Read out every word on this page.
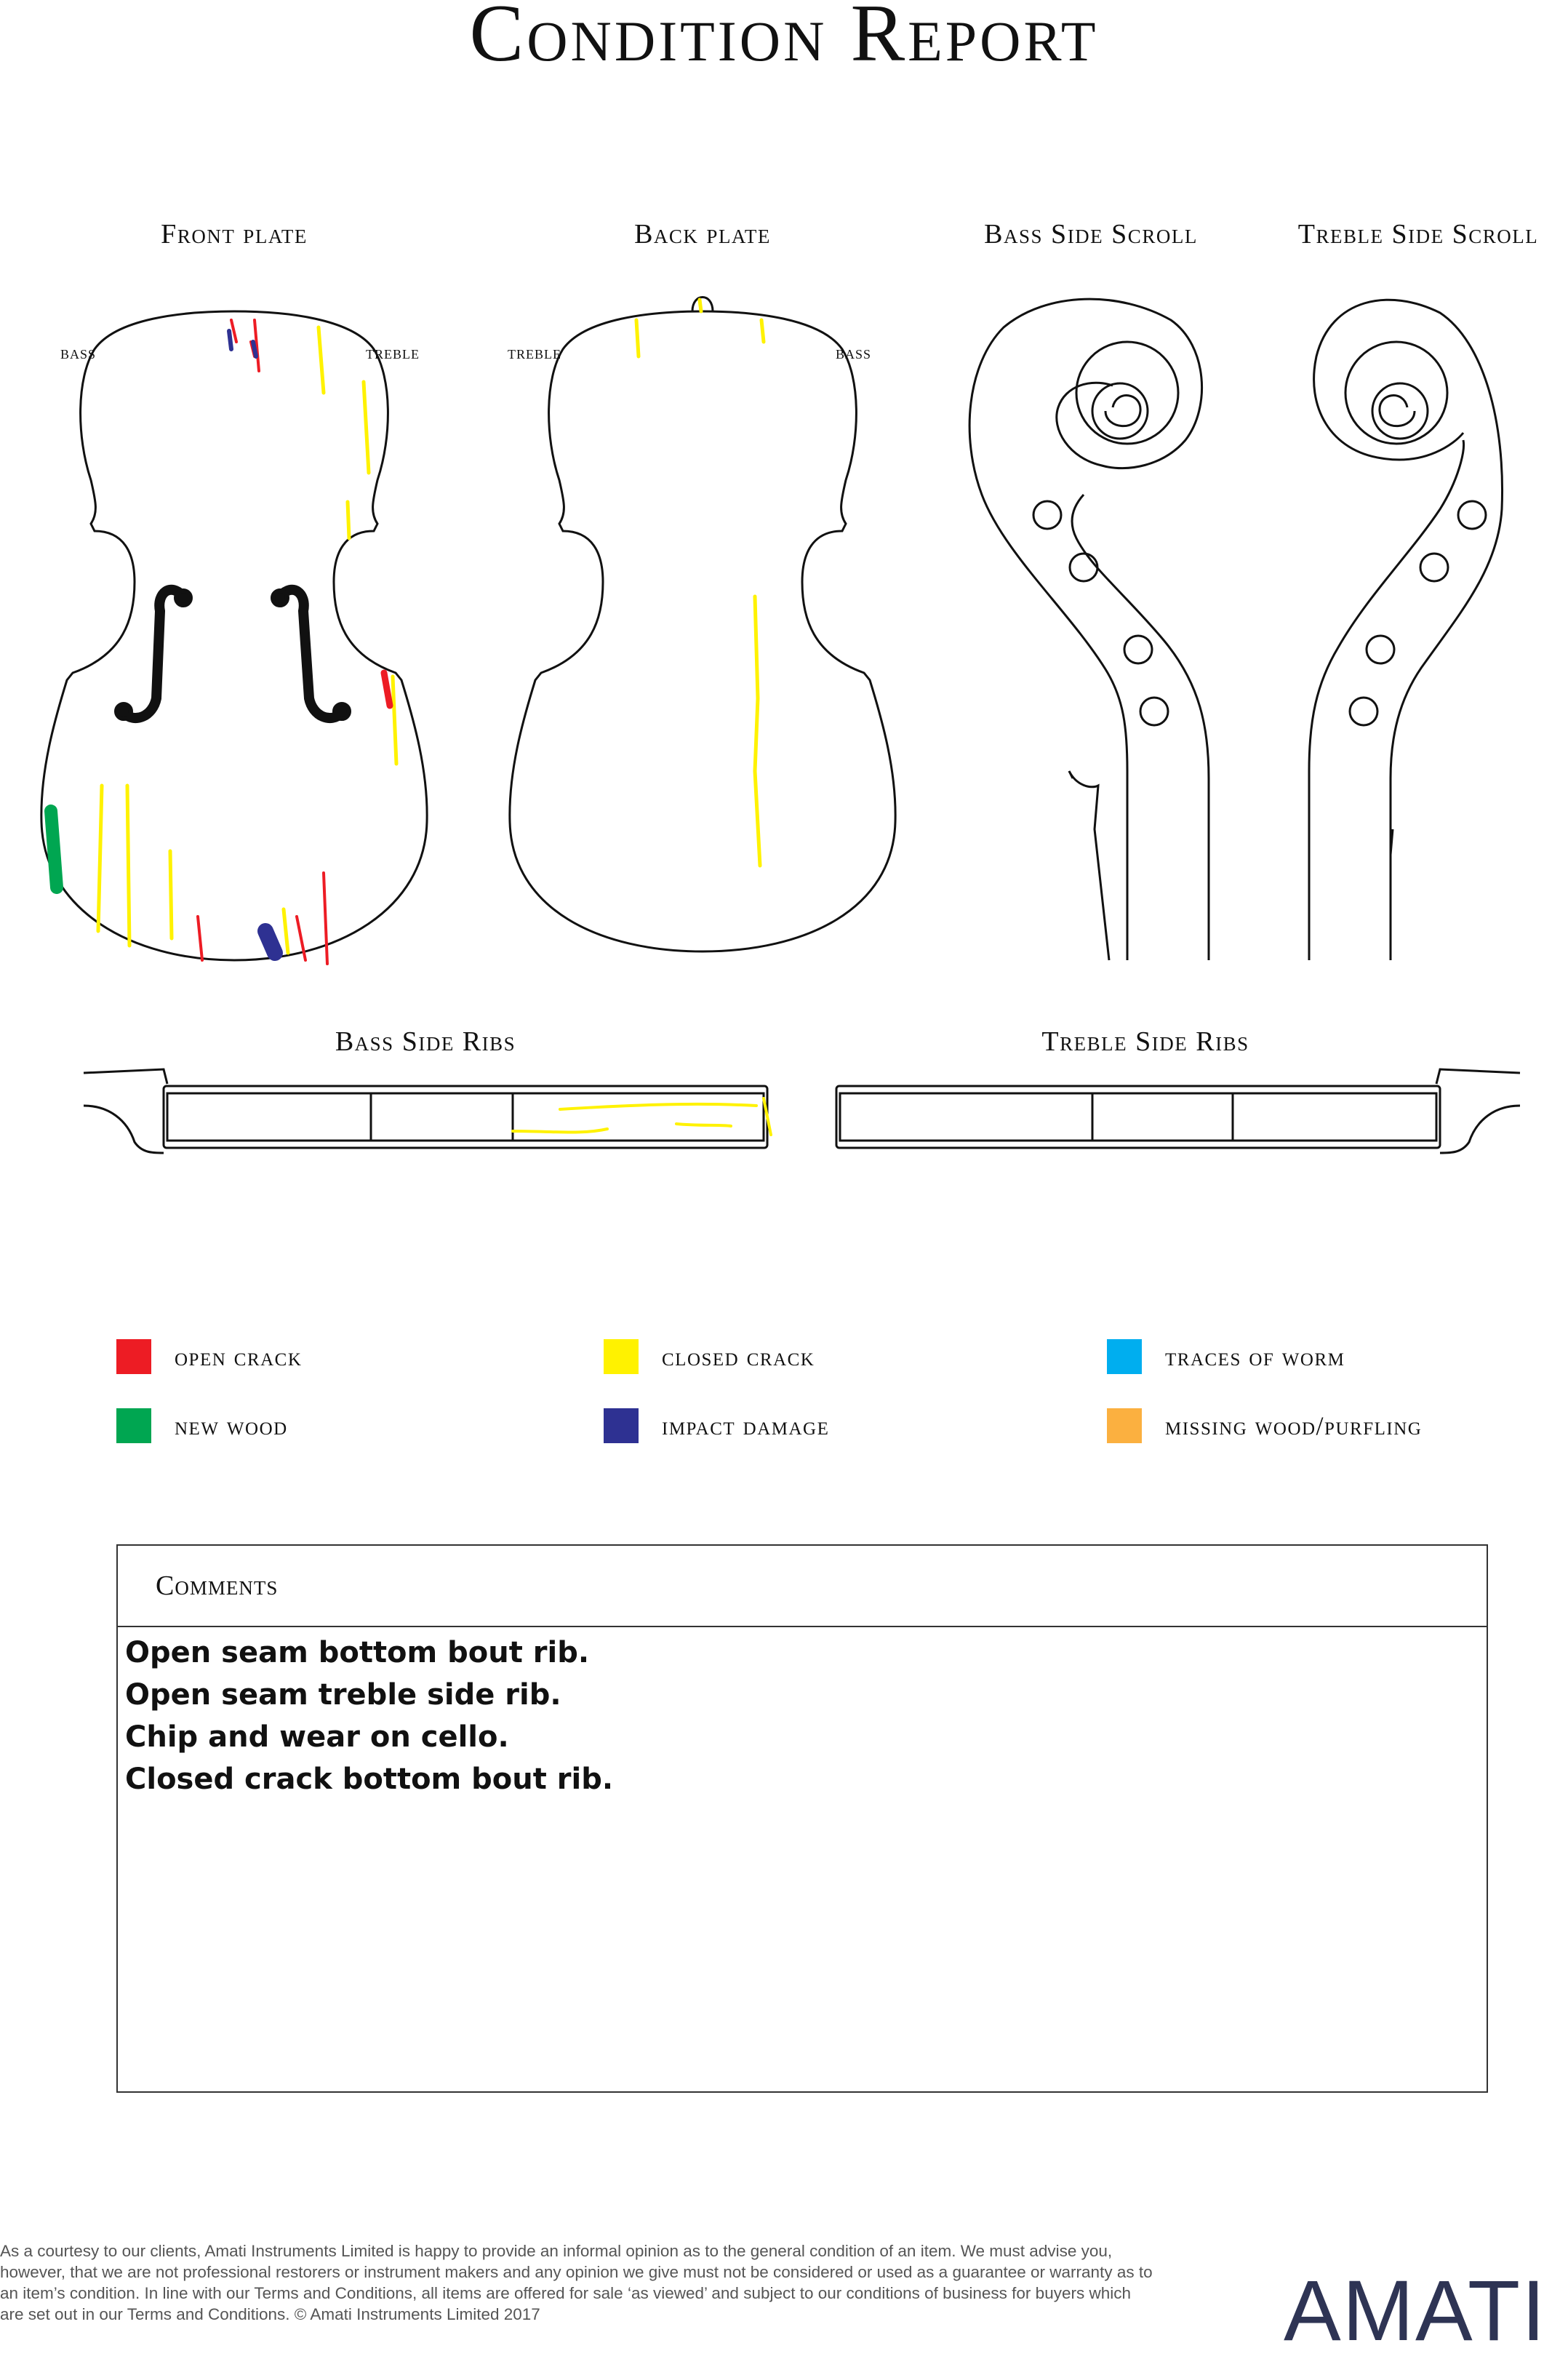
Condition Report
Front plate	Back plate	Bass Side Scroll	Treble Side Scroll
Bass Side Ribs	Treble Side Ribs
bass	treble	treble	bass
open crack	closed crack	traces of worm
new wood	impact damage	missing wood/purfling
Comments
Open seam bottom bout rib.
Open seam treble side rib.
Chip and wear on cello.
Closed crack bottom bout rib.
As a courtesy to our clients, Amati Instruments Limited is happy to provide an informal opinion as to the general condition of an item. We must advise you, however, that we are not professional restorers or instrument makers and any opinion we give must not be considered or used as a guarantee or warranty as to an item’s condition. In line with our Terms and Conditions, all items are offered for sale ‘as viewed’ and subject to our conditions of business for buyers which are set out in our Terms and Conditions. © Amati Instruments Limited 2017	AMATI
